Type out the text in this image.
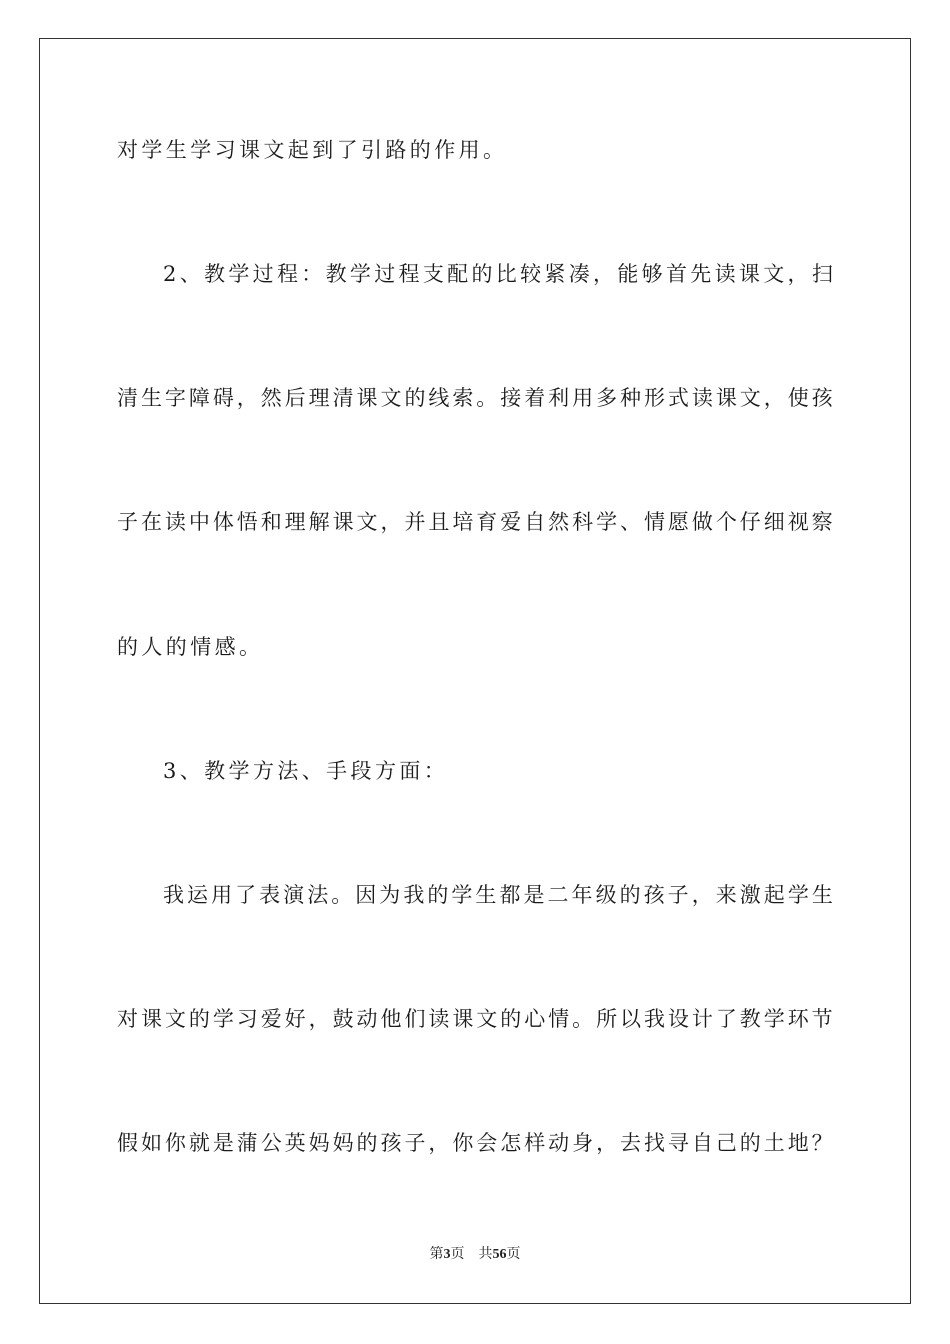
对学生学习课文起到了引路的作用。
2 、 教 学 过 程 ： 教 学 过 程 支 配 的 比 较 紧 凑 ， 能 够 首 先 读 课 文 ， 扫
清 生 字 障 碍 ， 然 后 理 清 课 文 的 线 索 。 接 着 利 用 多 种 形 式 读 课 文 ， 使 孩
子 在 读 中 体 悟 和 理 解 课 文 ， 并 且 培 育 爱 自 然 科 学 、 情 愿 做 个 仔 细 视 察
的人的情感。
3、教学方法、手段方面：
我 运 用 了 表 演 法 。 因 为 我 的 学 生 都 是 二 年 级 的 孩 子 ， 来 激 起 学 生
对 课 文 的 学 习 爱 好 ， 鼓 动 他 们 读 课 文 的 心 情 。 所 以 我 设 计 了 教 学 环 节
假 如 你 就 是 蒲 公 英 妈 妈 的 孩 子 ， 你 会 怎 样 动 身 ， 去 找 寻 自 己 的 土 地 ？
第3页 共56页
